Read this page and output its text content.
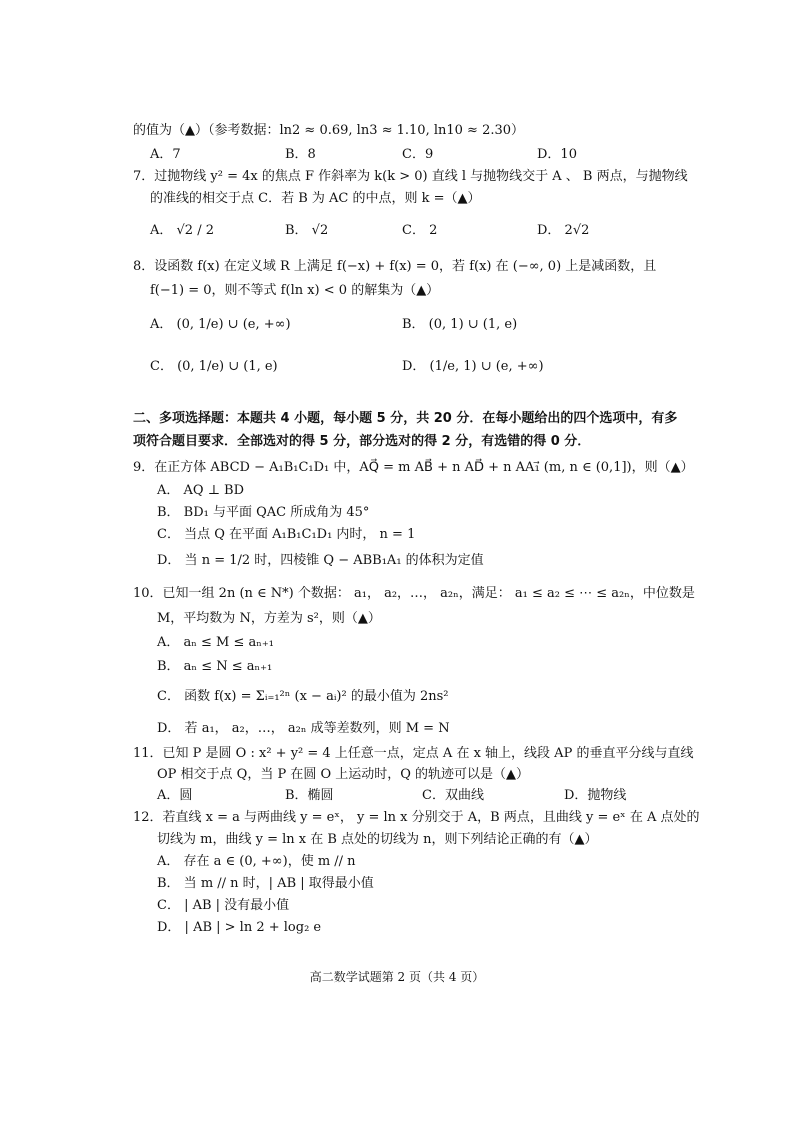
的值为（▲）（参考数据：ln2 ≈ 0.69, ln3 ≈ 1.10, ln10 ≈ 2.30）
A．7	B．8	C．9	D．10
7．过抛物线 y² = 4x 的焦点 F 作斜率为 k(k > 0) 直线 l 与抛物线交于 A 、 B 两点，与抛物线
的准线的相交于点 C．若 B 为 AC 的中点，则 k =（▲）
A． √2 / 2	B． √2	C． 2	D． 2√2
8．设函数 f(x) 在定义域 R 上满足 f(−x) + f(x) = 0，若 f(x) 在 (−∞, 0) 上是减函数，且
f(−1) = 0，则不等式 f(ln x) < 0 的解集为（▲）
A． (0, 1/e) ∪ (e, +∞)	B． (0, 1) ∪ (1, e)
C． (0, 1/e) ∪ (1, e)	D． (1/e, 1) ∪ (e, +∞)
二、多项选择题：本题共 4 小题，每小题 5 分，共 20 分．在每小题给出的四个选项中，有多
项符合题目要求．全部选对的得 5 分，部分选对的得 2 分，有选错的得 0 分．
9．在正方体 ABCD − A₁B₁C₁D₁ 中，AQ⃗ = m AB⃗ + n AD⃗ + n AA₁⃗ (m, n ∈ (0,1])，则（▲）
A． AQ ⊥ BD
B． BD₁ 与平面 QAC 所成角为 45°
C． 当点 Q 在平面 A₁B₁C₁D₁ 内时， n = 1
D． 当 n = 1/2 时，四棱锥 Q − ABB₁A₁ 的体积为定值
10．已知一组 2n (n ∈ N*) 个数据： a₁， a₂，…， a₂ₙ，满足： a₁ ≤ a₂ ≤ ⋯ ≤ a₂ₙ，中位数是
M，平均数为 N，方差为 s²，则（▲）
A． aₙ ≤ M ≤ aₙ₊₁
B． aₙ ≤ N ≤ aₙ₊₁
C． 函数 f(x) = Σᵢ₌₁²ⁿ (x − aᵢ)² 的最小值为 2ns²
D． 若 a₁， a₂，…， a₂ₙ 成等差数列，则 M = N
11．已知 P 是圆 O : x² + y² = 4 上任意一点，定点 A 在 x 轴上，线段 AP 的垂直平分线与直线
OP 相交于点 Q，当 P 在圆 O 上运动时，Q 的轨迹可以是（▲）
A．圆	B．椭圆	C．双曲线	D．抛物线
12．若直线 x = a 与两曲线 y = eˣ， y = ln x 分别交于 A，B 两点，且曲线 y = eˣ 在 A 点处的
切线为 m，曲线 y = ln x 在 B 点处的切线为 n，则下列结论正确的有（▲）
A． 存在 a ∈ (0, +∞)，使 m // n
B． 当 m // n 时，| AB | 取得最小值
C． | AB | 没有最小值
D． | AB | > ln 2 + log₂ e
高二数学试题第 2 页（共 4 页）
